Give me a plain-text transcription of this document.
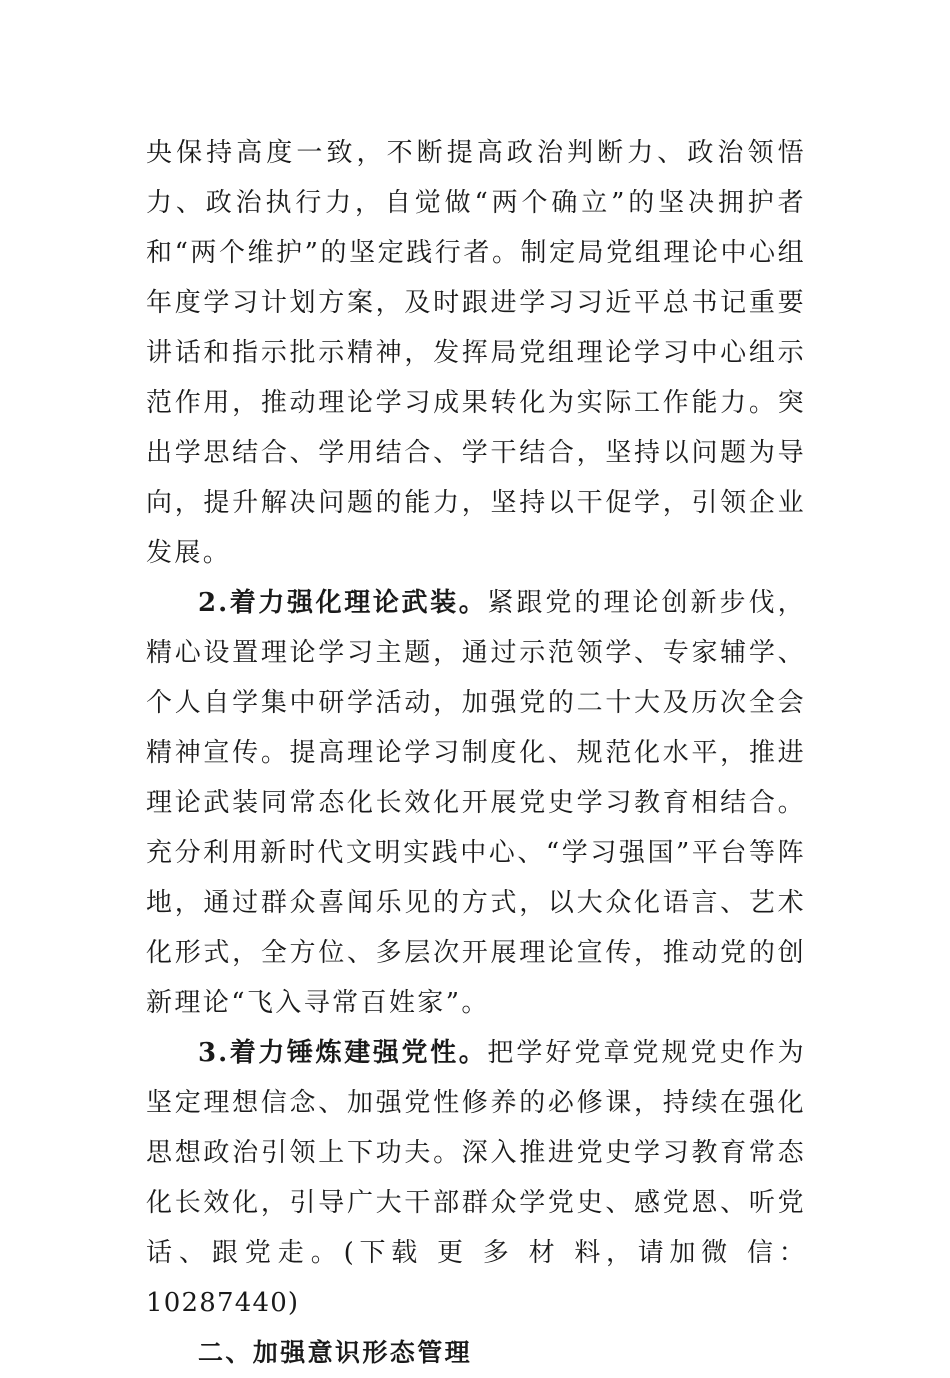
央保持高度一致，不断提高政治判断力、政治领悟力、政治执行力，自觉做“两个确立”的坚决拥护者和“两个维护”的坚定践行者。制定局党组理论中心组年度学习计划方案，及时跟进学习习近平总书记重要讲话和指示批示精神，发挥局党组理论学习中心组示范作用，推动理论学习成果转化为实际工作能力。突出学思结合、学用结合、学干结合，坚持以问题为导向，提升解决问题的能力，坚持以干促学，引领企业发展。

2.着力强化理论武装。紧跟党的理论创新步伐，精心设置理论学习主题，通过示范领学、专家辅学、个人自学集中研学活动，加强党的二十大及历次全会精神宣传。提高理论学习制度化、规范化水平，推进理论武装同常态化长效化开展党史学习教育相结合。充分利用新时代文明实践中心、“学习强国”平台等阵地，通过群众喜闻乐见的方式，以大众化语言、艺术化形式，全方位、多层次开展理论宣传，推动党的创新理论“飞入寻常百姓家”。

3.着力锤炼建强党性。把学好党章党规党史作为坚定理想信念、加强党性修养的必修课，持续在强化思想政治引领上下功夫。深入推进党史学习教育常态化长效化，引导广大干部群众学党史、感党恩、听党话、跟党走。(下载 更 多 材 料，请加微 信：10287440)

二、加强意识形态管理
